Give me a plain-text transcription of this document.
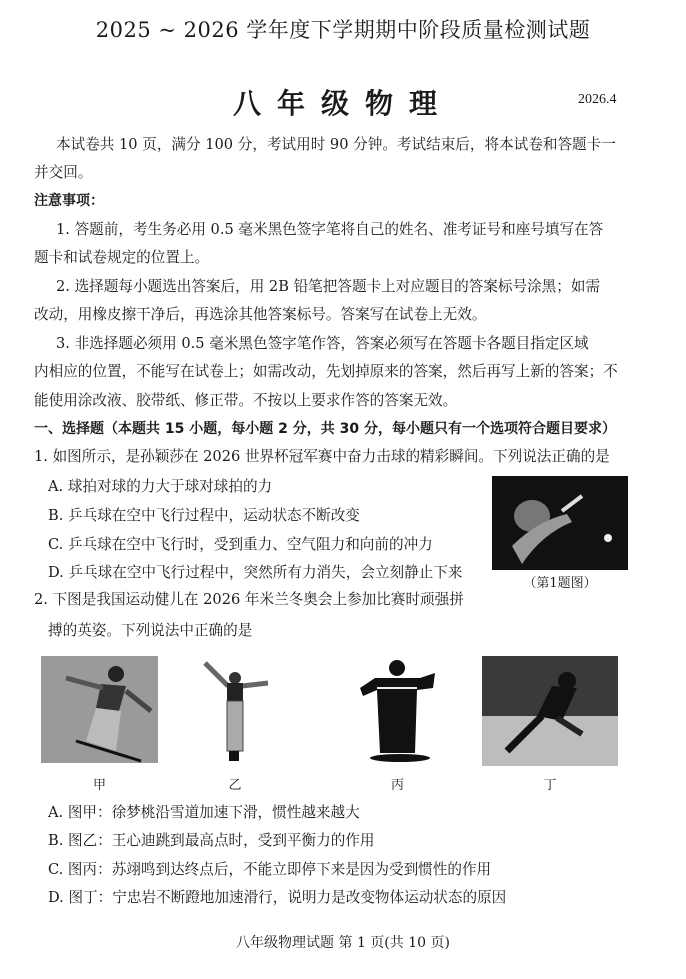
2025 ~ 2026 学年度下学期期中阶段质量检测试题
八年级物理	2026.4
本试卷共 10 页，满分 100 分，考试用时 90 分钟。考试结束后，将本试卷和答题卡一
并交回。
注意事项：
1. 答题前，考生务必用 0.5 毫米黑色签字笔将自己的姓名、准考证号和座号填写在答
题卡和试卷规定的位置上。
2. 选择题每小题选出答案后，用 2B 铅笔把答题卡上对应题目的答案标号涂黑；如需
改动，用橡皮擦干净后，再选涂其他答案标号。答案写在试卷上无效。
3. 非选择题必须用 0.5 毫米黑色签字笔作答，答案必须写在答题卡各题目指定区域
内相应的位置，不能写在试卷上；如需改动，先划掉原来的答案，然后再写上新的答案；不
能使用涂改液、胶带纸、修正带。不按以上要求作答的答案无效。
一、选择题（本题共 15 小题，每小题 2 分，共 30 分，每小题只有一个选项符合题目要求）
1. 如图所示，是孙颖莎在 2026 世界杯冠军赛中奋力击球的精彩瞬间。下列说法正确的是
A. 球拍对球的力大于球对球拍的力
B. 乒乓球在空中飞行过程中，运动状态不断改变
C. 乒乓球在空中飞行时，受到重力、空气阻力和向前的冲力
D. 乒乓球在空中飞行过程中，突然所有力消失，会立刻静止下来
（第1题图）
2. 下图是我国运动健儿在 2026 年米兰冬奥会上参加比赛时顽强拼
搏的英姿。下列说法中正确的是
甲	乙	丙	丁
A. 图甲：徐梦桃沿雪道加速下滑，惯性越来越大
B. 图乙：王心迪跳到最高点时，受到平衡力的作用
C. 图丙：苏翊鸣到达终点后，不能立即停下来是因为受到惯性的作用
D. 图丁：宁忠岩不断蹬地加速滑行，说明力是改变物体运动状态的原因
八年级物理试题 第 1 页(共 10 页)
